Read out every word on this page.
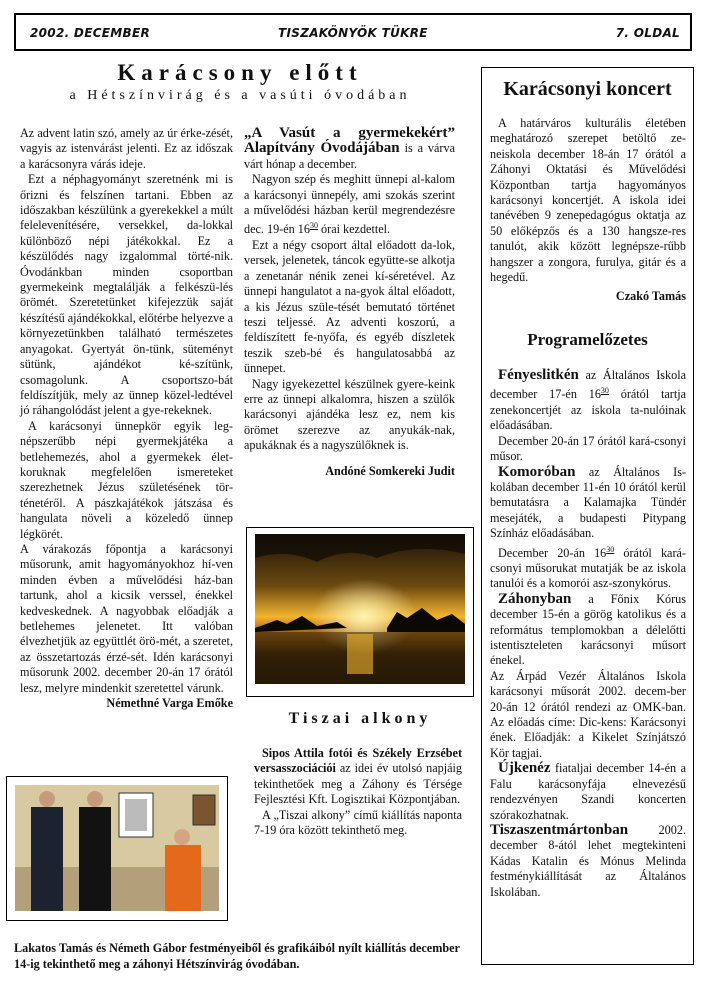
2002. DECEMBER	TISZAKÖNYÖK TÜKRE	7. OLDAL
Karácsony előtt
a Hétszínvirág és a vasúti óvodában

Az advent latin szó, amely az úr érke-zését, vagyis az istenvárást jelenti. Ez az időszak a karácsonyra várás ideje.

Ezt a néphagyományt szeretnénk mi is őrizni és felszínen tartani. Ebben az időszakban készülünk a gyerekekkel a múlt felelevenítésére, versekkel, da-lokkal különböző népi játékokkal. Ez a készülődés nagy izgalommal törté-nik. Óvodánkban minden csoportban gyermekeink megtalálják a felkészü-lés örömét. Szeretetünket kifejezzük saját készítésű ajándékokkal, előtérbe helyezve a környezetünkben található természetes anyagokat. Gyertyát ön-tünk, süteményt sütünk, ajándékot ké-szítünk, csomagolunk. A csoportszo-bát feldíszítjük, mely az ünnep közel-ledtével jó ráhangolódást jelent a gye-rekeknek.

A karácsonyi ünnepkör egyik leg-népszerűbb népi gyermekjátéka a betlehemezés, ahol a gyermekek élet-koruknak megfelelően ismereteket szerezhetnek Jézus születésének tör-ténetéről. A pászkajátékok játszása és hangulata növeli a közeledő ünnep légkörét.

A várakozás főpontja a karácsonyi műsorunk, amit hagyományokhoz hí-ven minden évben a művelődési ház-ban tartunk, ahol a kicsik verssel, énekkel kedveskednek. A nagyobbak előadják a betlehemes jelenetet. Itt valóban élvezhetjük az együttlét örö-mét, a szeretet, az összetartozás érzé-sét. Idén karácsonyi műsorunk 2002. december 20-án 17 órától lesz, melyre mindenkit szeretettel várunk.

Némethné Varga Emőke

„A Vasút a gyermekekért” Alapítvány Óvodájában is a várva várt hónap a december.

Nagyon szép és meghitt ünnepi al-kalom a karácsonyi ünnepély, ami szokás szerint a művelődési házban kerül megrendezésre dec. 19-én $16^{30}$ órai kezdettel.

Ezt a négy csoport által előadott da-lok, versek, jelenetek, táncok együtte-se alkotja a zenetanár nénik zenei kí-séretével. Az ünnepi hangulatot a na-gyok által előadott, a kis Jézus szüle-tését bemutató történet teszi teljessé. Az adventi koszorú, a feldíszített fe-nyőfa, és egyéb díszletek teszik szeb-bé és hangulatosabbá az ünnepet.

Nagy igyekezettel készülnek gyere-keink erre az ünnepi alkalomra, hiszen a szülők karácsonyi ajándéka lesz ez, nem kis örömet szerezve az anyukák-nak, apukáknak és a nagyszülőknek is.

Andóné Somkereki Judit

Tiszai alkony

Sipos Attila fotói és Székely Erzsébet versasszociációi az idei év utolsó napjáig tekinthetőek meg a Záhony és Térsége Fejlesztési Kft. Logisztikai Központjában.

A „Tiszai alkony” című kiállítás naponta 7-19 óra között tekinthető meg.

Lakatos Tamás és Németh Gábor festményeiből és grafikáiból nyílt kiállítás december 14-ig tekinthető meg a záhonyi Hétszínvirág óvodában.
Karácsonyi koncert

A határváros kulturális életében meghatározó szerepet betöltő ze-neiskola december 18-án 17 órától a Záhonyi Oktatási és Művelődési Központban tartja hagyományos karácsonyi koncertjét. A iskola idei tanévében 9 zenepedagógus oktatja az 50 előképzős és a 130 hangsze-res tanulót, akik között legnépsze-rűbb hangszer a zongora, furulya, gitár és a hegedű.

Czakó Tamás

Programelőzetes

Fényeslitkén az Általános Iskola december 17-én $16^{30}$ órától tartja zenekoncertjét az iskola ta-nulóinak előadásában.

December 20-án 17 órától kará-csonyi műsor.

Komoróban az Általános Is-kolában december 11-én 10 órától kerül bemutatásra a Kalamajka Tündér mesejáték, a budapesti Pitypang Színház előadásában.

December 20-án $16^{30}$ órától kará-csonyi műsorukat mutatják be az iskola tanulói és a komorói asz-szonykórus.

Záhonyban a Főnix Kórus december 15-én a görög katolikus és a református templomokban a délelőtti istentiszteleten karácsonyi műsort énekel.

Az Árpád Vezér Általános Iskola karácsonyi műsorát 2002. decem-ber 20-án 12 órától rendezi az OMK-ban. Az előadás címe: Dic-kens: Karácsonyi ének. Előadják: a Kikelet Színjátszó Kör tagjai.

Újkenéz fiataljai december 14-én a Falu karácsonyfája elnevezésű rendezvényen Szandi koncerten szórakozhatnak.

Tiszaszentmártonban 2002. december 8-ától lehet megtekinteni Kádas Katalin és Mónus Melinda festménykiállítását az Általános Iskolában.
